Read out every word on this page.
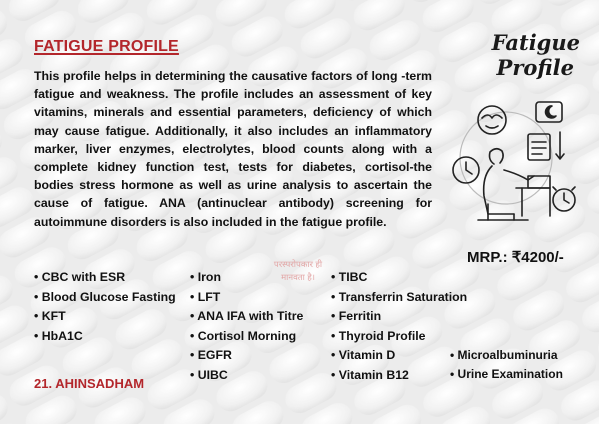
FATIGUE PROFILE

This profile helps in determining the causative factors of long -term fatigue and weakness. The profile includes an assessment of key vitamins, minerals and essential parameters, deficiency of which may cause fatigue. Additionally, it also includes an inflammatory marker, liver enzymes, electrolytes, blood counts along with a complete kidney function test, tests for diabetes, cortisol-the bodies stress hormone as well as urine analysis to ascertain the cause of fatigue. ANA (antinuclear antibody) screening for autoimmune disorders is also included in the fatigue profile.

Fatigue
Profile
MRP.: ₹4200/-
परस्परोपकार ही
मानवता है।
• CBC with ESR
• Blood Glucose Fasting
• KFT
• HbA1C
• Iron
• LFT
• ANA IFA with Titre
• Cortisol Morning
• EGFR
• UIBC
• TIBC
• Transferrin Saturation
• Ferritin
• Thyroid Profile
• Vitamin D
• Vitamin B12
• Microalbuminuria
• Urine Examination
21. AHINSADHAM
